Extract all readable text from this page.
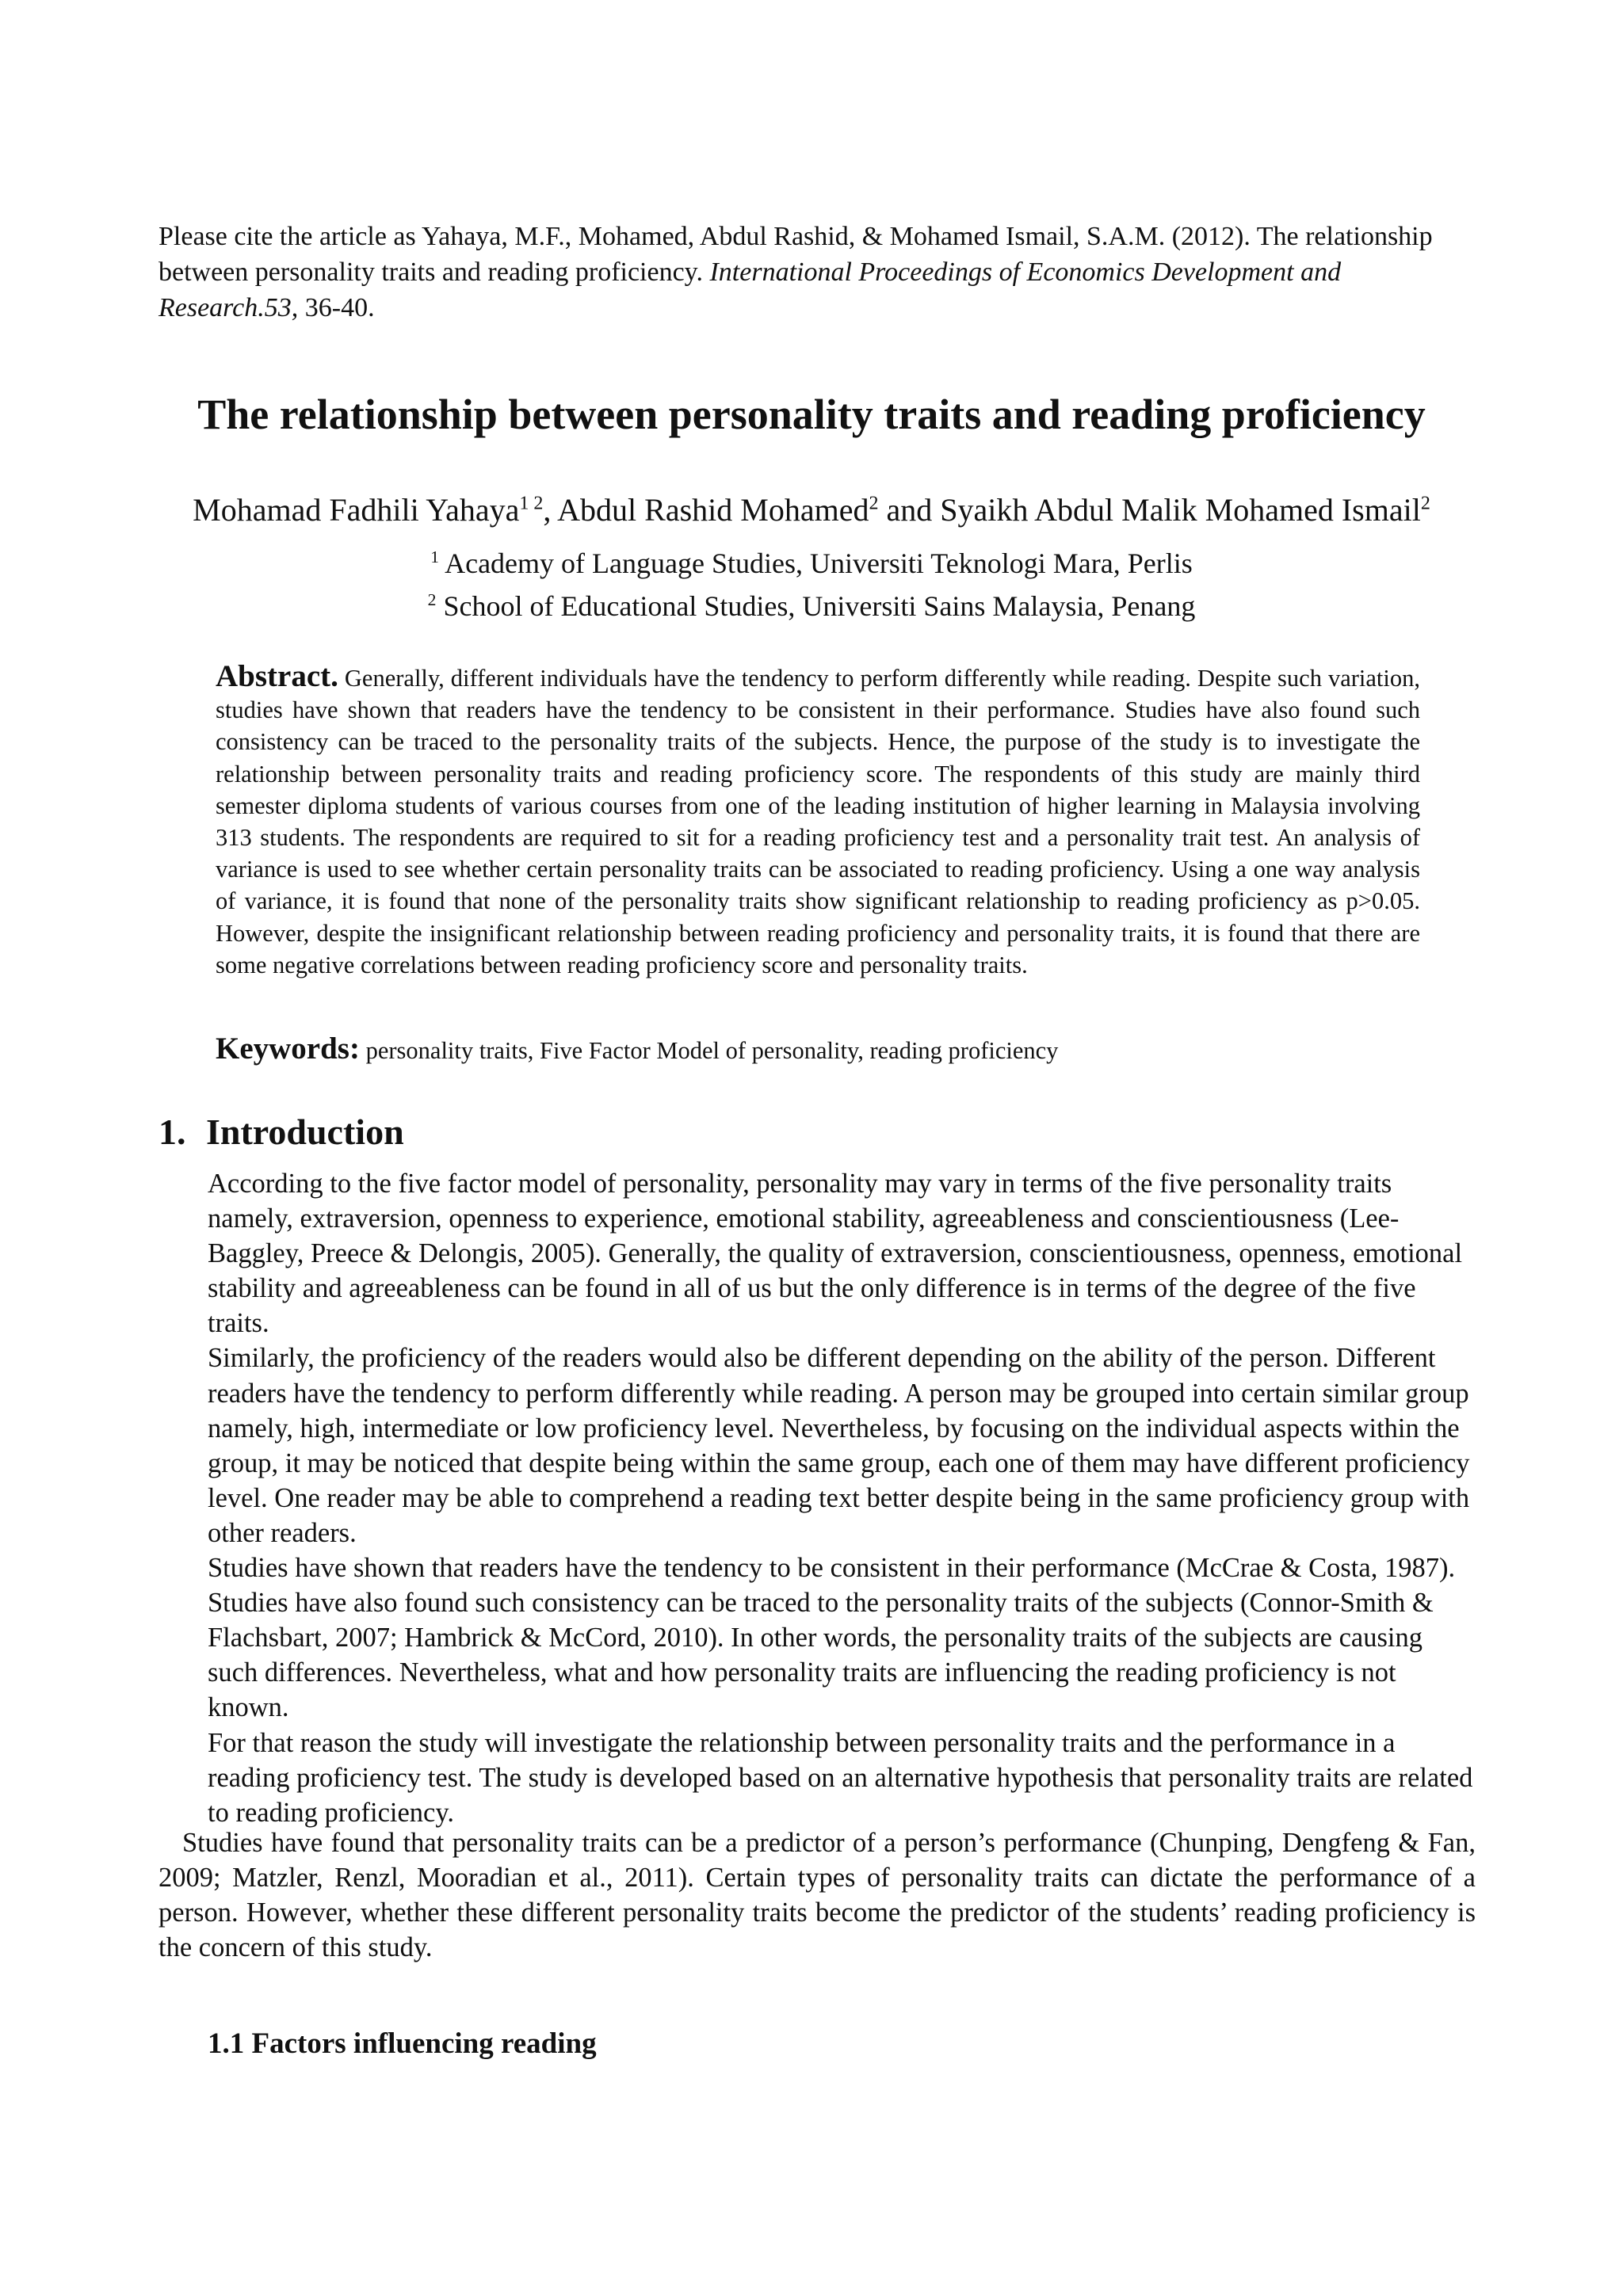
Please cite the article as Yahaya, M.F., Mohamed, Abdul Rashid, & Mohamed Ismail, S.A.M. (2012). The relationship between personality traits and reading proficiency. International Proceedings of Economics Development and Research.53, 36-40.
The relationship between personality traits and reading proficiency
Mohamad Fadhili Yahaya$^{1 2}$, Abdul Rashid Mohamed$^2$ and Syaikh Abdul Malik Mohamed Ismail$^2$
$^1$ Academy of Language Studies, Universiti Teknologi Mara, Perlis
$^2$ School of Educational Studies, Universiti Sains Malaysia, Penang
Abstract. Generally, different individuals have the tendency to perform differently while reading. Despite such variation, studies have shown that readers have the tendency to be consistent in their performance. Studies have also found such consistency can be traced to the personality traits of the subjects. Hence, the purpose of the study is to investigate the relationship between personality traits and reading proficiency score. The respondents of this study are mainly third semester diploma students of various courses from one of the leading institution of higher learning in Malaysia involving 313 students. The respondents are required to sit for a reading proficiency test and a personality trait test. An analysis of variance is used to see whether certain personality traits can be associated to reading proficiency. Using a one way analysis of variance, it is found that none of the personality traits show significant relationship to reading proficiency as p>0.05. However, despite the insignificant relationship between reading proficiency and personality traits, it is found that there are some negative correlations between reading proficiency score and personality traits.
Keywords: personality traits, Five Factor Model of personality, reading proficiency
1. Introduction

According to the five factor model of personality, personality may vary in terms of the five personality traits namely, extraversion, openness to experience, emotional stability, agreeableness and conscientiousness (Lee-Baggley, Preece & Delongis, 2005). Generally, the quality of extraversion, conscientiousness, openness, emotional stability and agreeableness can be found in all of us but the only difference is in terms of the degree of the five traits.

Similarly, the proficiency of the readers would also be different depending on the ability of the person. Different readers have the tendency to perform differently while reading. A person may be grouped into certain similar group namely, high, intermediate or low proficiency level. Nevertheless, by focusing on the individual aspects within the group, it may be noticed that despite being within the same group, each one of them may have different proficiency level. One reader may be able to comprehend a reading text better despite being in the same proficiency group with other readers.

Studies have shown that readers have the tendency to be consistent in their performance (McCrae & Costa, 1987). Studies have also found such consistency can be traced to the personality traits of the subjects (Connor-Smith & Flachsbart, 2007; Hambrick & McCord, 2010). In other words, the personality traits of the subjects are causing such differences. Nevertheless, what and how personality traits are influencing the reading proficiency is not known.

For that reason the study will investigate the relationship between personality traits and the performance in a reading proficiency test. The study is developed based on an alternative hypothesis that personality traits are related to reading proficiency.

Studies have found that personality traits can be a predictor of a person’s performance (Chunping, Dengfeng & Fan, 2009; Matzler, Renzl, Mooradian et al., 2011). Certain types of personality traits can dictate the performance of a person. However, whether these different personality traits become the predictor of the students’ reading proficiency is the concern of this study.

1.1 Factors influencing reading
